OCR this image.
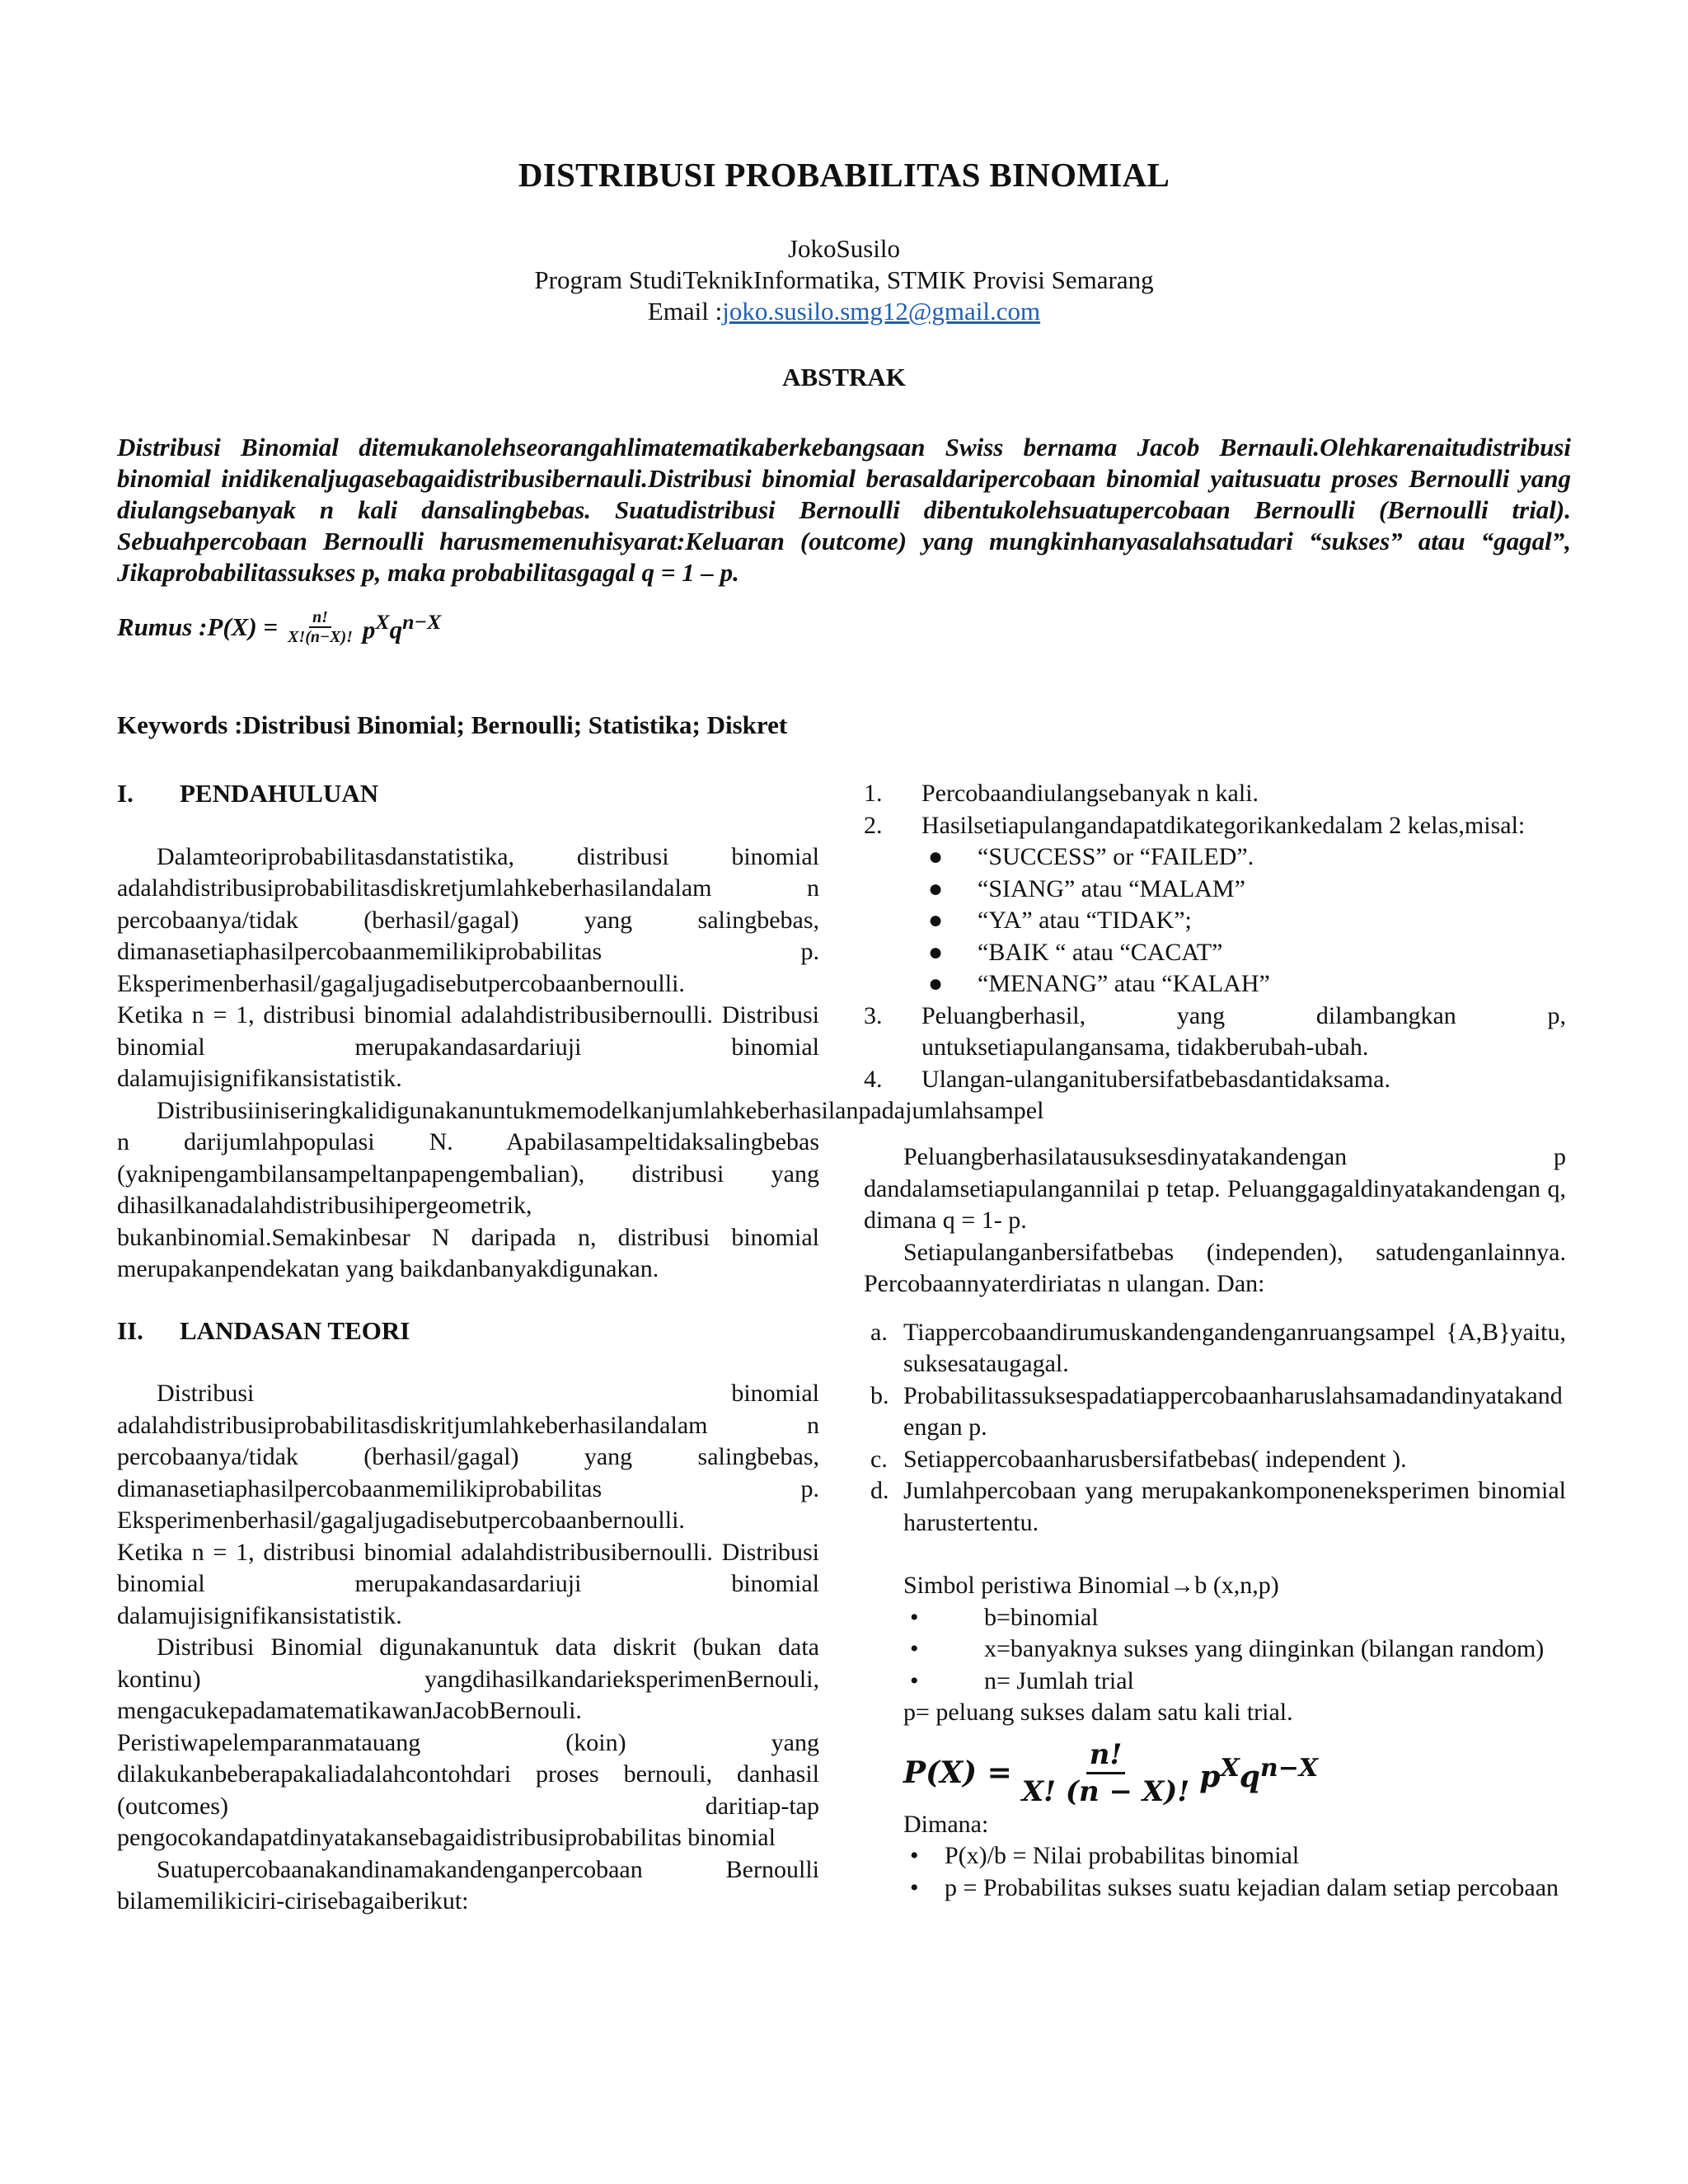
DISTRIBUSI PROBABILITAS BINOMIAL
JokoSusilo
Program StudiTeknikInformatika, STMIK Provisi Semarang
Email :joko.susilo.smg12@gmail.com
ABSTRAK
Distribusi Binomial ditemukanolehseorangahlimatematikaberkebangsaan Swiss bernama Jacob Bernauli.Olehkarenaitudistribusi binomial inidikenaljugasebagaidistribusibernauli.Distribusi binomial berasaldaripercobaan binomial yaitusuatu proses Bernoulli yang diulangsebanyak n kali dansalingbebas. Suatudistribusi Bernoulli dibentukolehsuatupercobaan Bernoulli (Bernoulli trial). Sebuahpercobaan Bernoulli harusmemenuhisyarat:Keluaran (outcome) yang mungkinhanyasalahsatudari “sukses” atau “gagal”, Jikaprobabilitassukses p, maka probabilitasgagal q = 1 – p.
Rumus : $P(X) = \frac{n!}{X!(n-X)!} p^Xq^{n-X}$
Keywords :Distribusi Binomial; Bernoulli; Statistika; Diskret
I.	PENDAHULUAN

Dalamteoriprobabilitasdanstatistika, distribusi binomial adalahdistribusiprobabilitasdiskretjumlahkeberhasilandalam n percobaanya/tidak (berhasil/gagal) yang salingbebas, dimanasetiaphasilpercobaanmemilikiprobabilitas p. Eksperimenberhasil/gagaljugadisebutpercobaanbernoulli.

Ketika n = 1, distribusi binomial adalahdistribusibernoulli. Distribusi binomial merupakandasardariuji binomial dalamujisignifikansistatistik.

Distribusiiniseringkalidigunakanuntukmemodelkanjumlahkeberhasilanpadajumlahsampel n darijumlahpopulasi N. Apabilasampeltidaksalingbebas (yaknipengambilansampeltanpapengembalian), distribusi yang dihasilkanadalahdistribusihipergeometrik, bukanbinomial.Semakinbesar N daripada n, distribusi binomial merupakanpendekatan yang baikdanbanyakdigunakan.

II.	LANDASAN TEORI

Distribusi binomial adalahdistribusiprobabilitasdiskritjumlahkeberhasilandalam n percobaanya/tidak (berhasil/gagal) yang salingbebas, dimanasetiaphasilpercobaanmemilikiprobabilitas p. Eksperimenberhasil/gagaljugadisebutpercobaanbernoulli.

Ketika n = 1, distribusi binomial adalahdistribusibernoulli. Distribusi binomial merupakandasardariuji binomial dalamujisignifikansistatistik.

Distribusi Binomial digunakanuntuk data diskrit (bukan data kontinu) yangdihasilkandarieksperimenBernouli, mengacukepadamatematikawanJacobBernouli. Peristiwapelemparanmatauang (koin) yang dilakukanbeberapakaliadalahcontohdari proses bernouli, danhasil (outcomes) daritiap-tap pengocokandapatdinyatakansebagaidistribusiprobabilitas binomial

Suatupercobaanakandinamakandenganpercobaan Bernoulli bilamemilikiciri-cirisebagaiberikut:

1.	Percobaandiulangsebanyak n kali.
2.	Hasilsetiapulangandapatdikategorikankedalam 2 kelas,misal:
●	“SUCCESS” or “FAILED”.
●	“SIANG” atau “MALAM”
●	“YA” atau “TIDAK”;
●	“BAIK “ atau “CACAT”
●	“MENANG” atau “KALAH”
3.	Peluangberhasil, yang dilambangkan p, untuksetiapulangansama, tidakberubah-ubah.
4.	Ulangan-ulanganitubersifatbebasdantidaksama.

Peluangberhasilatausuksesdinyatakandengan p dandalamsetiapulangannilai p tetap. Peluanggagaldinyatakandengan q, dimana q = 1- p.

Setiapulanganbersifatbebas (independen), satudenganlainnya. Percobaannyaterdiriatas n ulangan. Dan:

a. Tiappercobaandirumuskandengandenganruangsampel {A,B}yaitu, suksesataugagal.
b. Probabilitassuksespadatiappercobaanharuslahsamadandinyatakandengan p.
c. Setiappercobaanharusbersifatbebas( independent ).
d. Jumlahpercobaan yang merupakankomponeneksperimen binomial harustertentu.
Simbol peristiwa Binomial→b (x,n,p)
•	b=binomial
•	x=banyaknya sukses yang diinginkan (bilangan random)
•	n= Jumlah trial
p= peluang sukses dalam satu kali trial.
$P(X) = \frac{n!}{X! (n - X)!} p^Xq^{n-X}$
Dimana:
•	P(x)/b = Nilai probabilitas binomial
•	p = Probabilitas sukses suatu kejadian dalam setiap percobaan
